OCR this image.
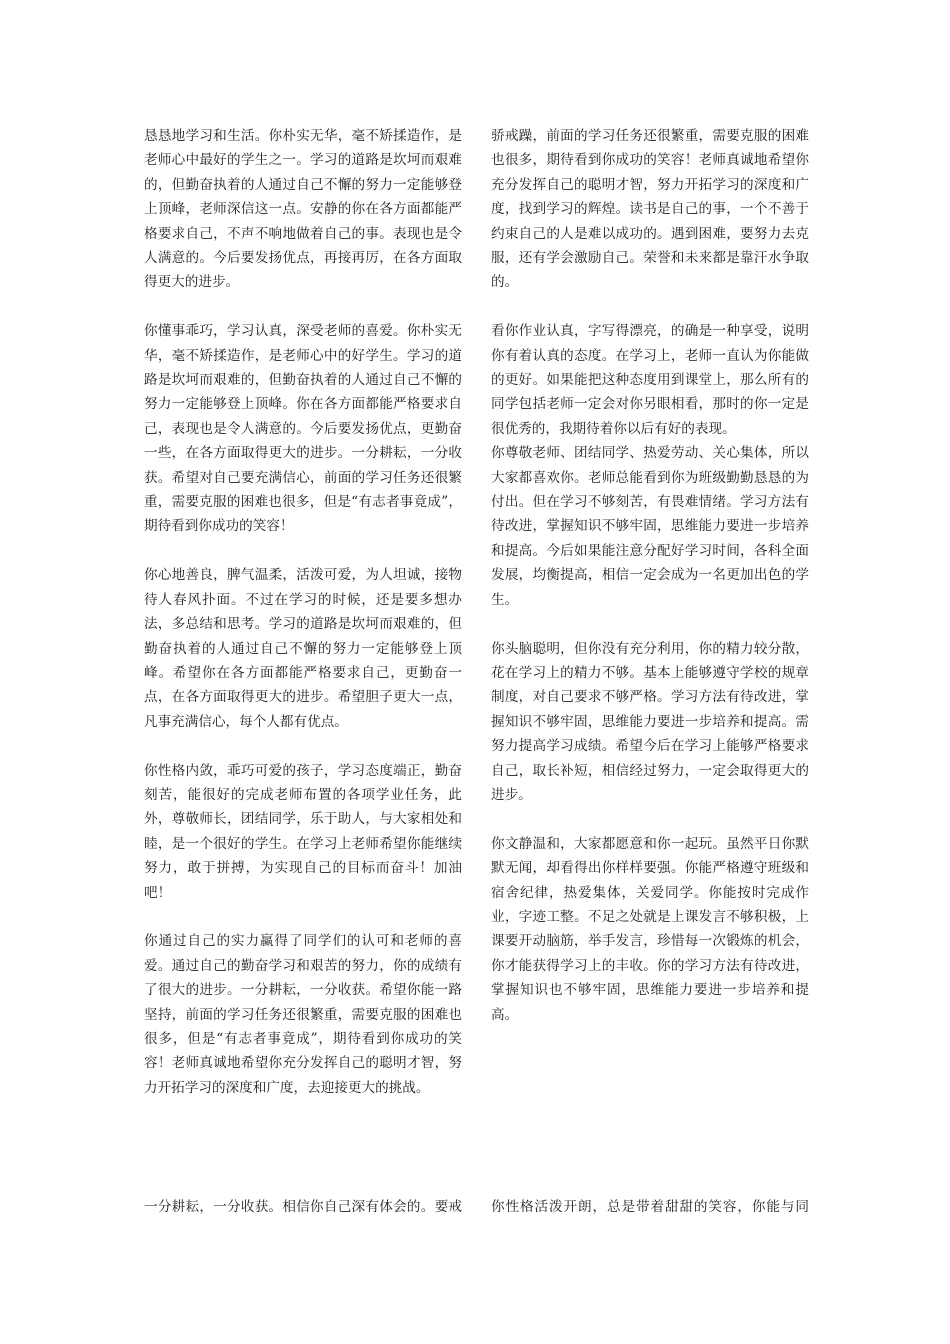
恳恳地学习和生活。你朴实无华，毫不矫揉造作，是老师心中最好的学生之一。学习的道路是坎坷而艰难的，但勤奋执着的人通过自己不懈的努力一定能够登上顶峰，老师深信这一点。安静的你在各方面都能严格要求自己，不声不响地做着自己的事。表现也是令人满意的。今后要发扬优点，再接再厉，在各方面取得更大的进步。

你懂事乖巧，学习认真，深受老师的喜爱。你朴实无华，毫不矫揉造作，是老师心中的好学生。学习的道路是坎坷而艰难的，但勤奋执着的人通过自己不懈的努力一定能够登上顶峰。你在各方面都能严格要求自己，表现也是令人满意的。今后要发扬优点，更勤奋一些，在各方面取得更大的进步。一分耕耘，一分收获。希望对自己要充满信心，前面的学习任务还很繁重，需要克服的困难也很多，但是“有志者事竟成”，期待看到你成功的笑容！

你心地善良，脾气温柔，活泼可爱，为人坦诚，接物待人春风扑面。不过在学习的时候，还是要多想办法，多总结和思考。学习的道路是坎坷而艰难的，但勤奋执着的人通过自己不懈的努力一定能够登上顶峰。希望你在各方面都能严格要求自己，更勤奋一点，在各方面取得更大的进步。希望胆子更大一点，凡事充满信心，每个人都有优点。

你性格内敛，乖巧可爱的孩子，学习态度端正，勤奋刻苦，能很好的完成老师布置的各项学业任务，此外，尊敬师长，团结同学，乐于助人，与大家相处和睦，是一个很好的学生。在学习上老师希望你能继续努力，敢于拼搏，为实现自己的目标而奋斗！加油吧！

你通过自己的实力赢得了同学们的认可和老师的喜爱。通过自己的勤奋学习和艰苦的努力，你的成绩有了很大的进步。一分耕耘，一分收获。希望你能一路坚持，前面的学习任务还很繁重，需要克服的困难也很多，但是“有志者事竟成”，期待看到你成功的笑容！老师真诚地希望你充分发挥自己的聪明才智，努力开拓学习的深度和广度，去迎接更大的挑战。

骄戒躁，前面的学习任务还很繁重，需要克服的困难也很多，期待看到你成功的笑容！老师真诚地希望你充分发挥自己的聪明才智，努力开拓学习的深度和广度，找到学习的辉煌。读书是自己的事，一个不善于约束自己的人是难以成功的。遇到困难，要努力去克服，还有学会激励自己。荣誉和未来都是靠汗水争取的。

看你作业认真，字写得漂亮，的确是一种享受，说明你有着认真的态度。在学习上，老师一直认为你能做的更好。如果能把这种态度用到课堂上，那么所有的同学包括老师一定会对你另眼相看，那时的你一定是很优秀的，我期待着你以后有好的表现。

你尊敬老师、团结同学、热爱劳动、关心集体，所以大家都喜欢你。老师总能看到你为班级勤勤恳恳的为付出。但在学习不够刻苦，有畏难情绪。学习方法有待改进，掌握知识不够牢固，思维能力要进一步培养和提高。今后如果能注意分配好学习时间，各科全面发展，均衡提高，相信一定会成为一名更加出色的学生。

你头脑聪明，但你没有充分利用，你的精力较分散，花在学习上的精力不够。基本上能够遵守学校的规章制度，对自己要求不够严格。学习方法有待改进，掌握知识不够牢固，思维能力要进一步培养和提高。需努力提高学习成绩。希望今后在学习上能够严格要求自己，取长补短，相信经过努力，一定会取得更大的进步。

你文静温和，大家都愿意和你一起玩。虽然平日你默默无闻，却看得出你样样要强。你能严格遵守班级和宿舍纪律，热爱集体，关爱同学。你能按时完成作业，字迹工整。不足之处就是上课发言不够积极，上课要开动脑筋，举手发言，珍惜每一次锻炼的机会，你才能获得学习上的丰收。你的学习方法有待改进，掌握知识也不够牢固，思维能力要进一步培养和提高。

一分耕耘，一分收获。相信你自己深有体会的。要戒 你性格活泼开朗，总是带着甜甜的笑容，你能与同
